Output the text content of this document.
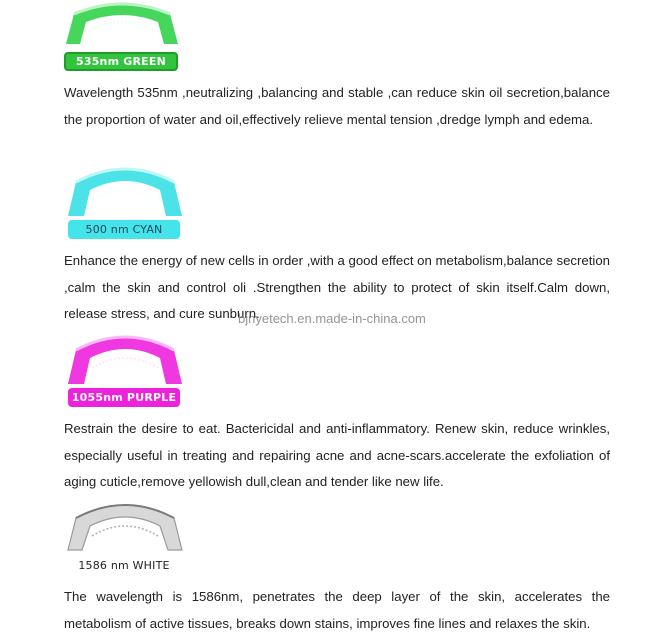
535nm GREEN

Wavelength 535nm ,neutralizing ,balancing and stable ,can reduce skin oil secretion,balance the proportion of water and oil,effectively relieve mental tension ,dredge lymph and edema.

500 nm CYAN

Enhance the energy of new cells in order ,with a good effect on metabolism,balance secretion ,calm the skin and control oli .Strengthen the ability to protect of skin itself.Calm down, release stress, and cure sunburn.

1055nm PURPLE

Restrain the desire to eat. Bactericidal and anti-inflammatory. Renew skin, reduce wrinkles, especially useful in treating and repairing acne and acne-scars.accelerate the exfoliation of aging cuticle,remove yellowish dull,clean and tender like new life.

1586 nm WHITE

The wavelength is 1586nm, penetrates the deep layer of the skin, accelerates the metabolism of active tissues, breaks down stains, improves fine lines and relaxes the skin.

bjnyetech.en.made-in-china.com
